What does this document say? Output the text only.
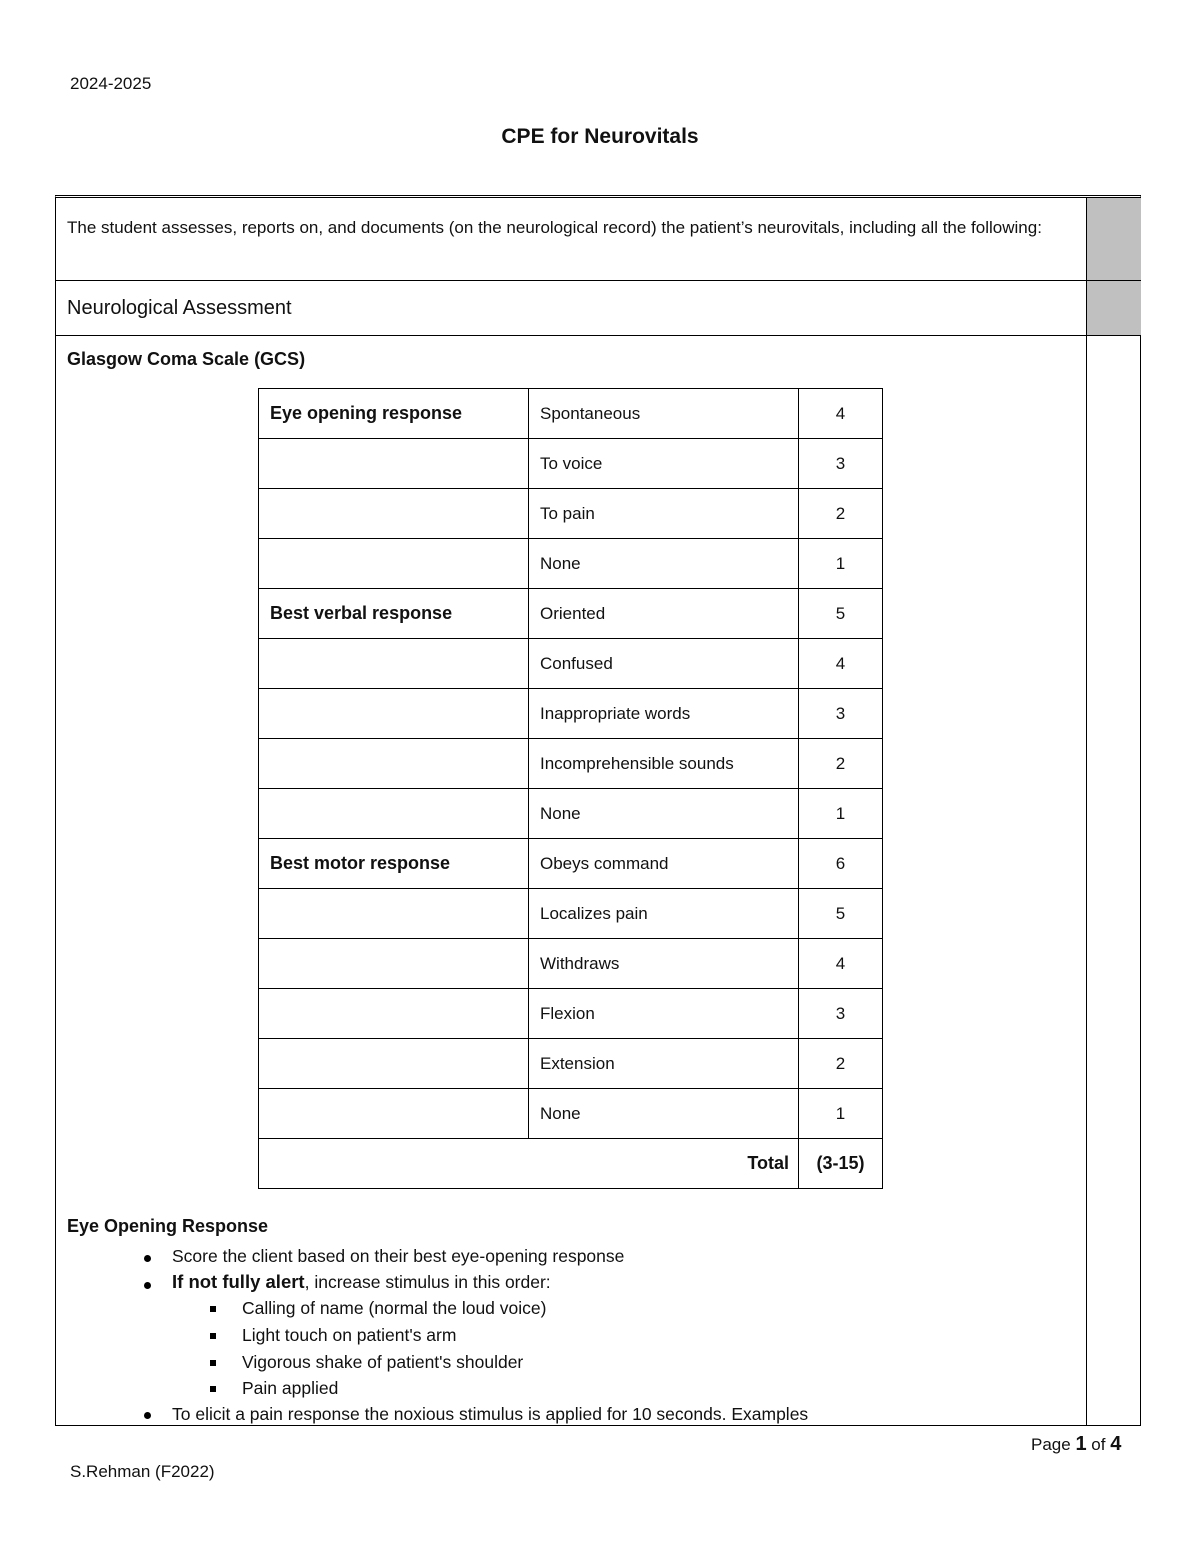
2024-2025
CPE for Neurovitals
The student assesses, reports on, and documents (on the neurological record) the patient’s neurovitals, including all the following:
Neurological Assessment
Glasgow Coma Scale (GCS)
Eye opening response	Spontaneous	4
	To voice	3
	To pain	2
	None	1
Best verbal response	Oriented	5
	Confused	4
	Inappropriate words	3
	Incomprehensible sounds	2
	None	1
Best motor response	Obeys command	6
	Localizes pain	5
	Withdraws	4
	Flexion	3
	Extension	2
	None	1
Total		(3-15)
Eye Opening Response
Score the client based on their best eye-opening response
If not fully alert, increase stimulus in this order:
Calling of name (normal the loud voice)
Light touch on patient's arm
Vigorous shake of patient's shoulder
Pain applied
To elicit a pain response the noxious stimulus is applied for 10 seconds. Examples
Page 1 of 4
S.Rehman (F2022)
